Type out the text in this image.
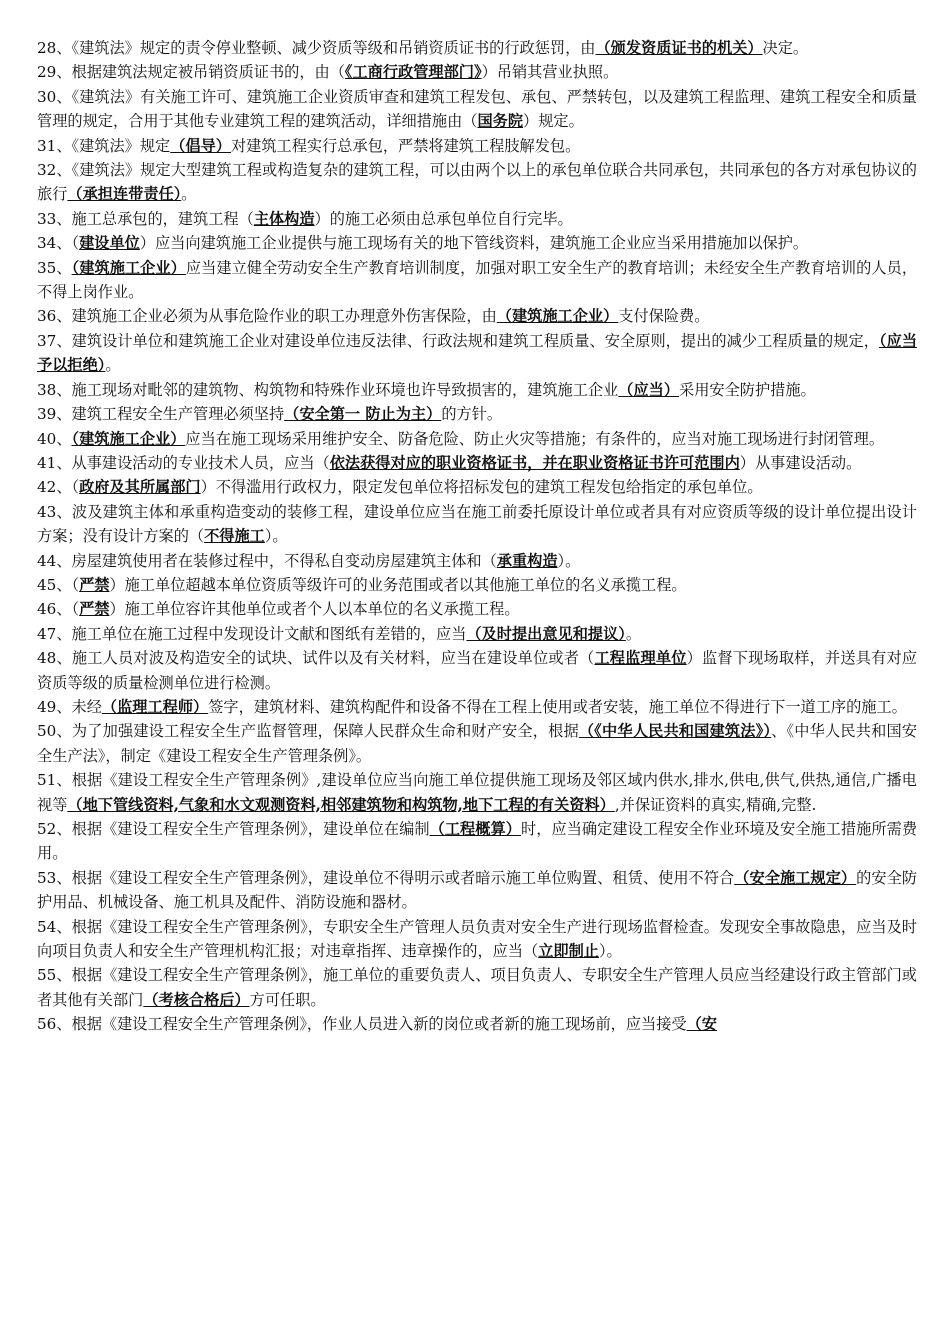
28、《建筑法》规定的责令停业整顿、减少资质等级和吊销资质证书的行政惩罚，由（颁发资质证书的机关）决定。

29、根据建筑法规定被吊销资质证书的，由（《工商行政管理部门》）吊销其营业执照。

30、《建筑法》有关施工许可、建筑施工企业资质审查和建筑工程发包、承包、严禁转包，以及建筑工程监理、建筑工程安全和质量管理的规定，合用于其他专业建筑工程的建筑活动，详细措施由（国务院）规定。

31、《建筑法》规定（倡导）对建筑工程实行总承包，严禁将建筑工程肢解发包。

32、《建筑法》规定大型建筑工程或构造复杂的建筑工程，可以由两个以上的承包单位联合共同承包，共同承包的各方对承包协议的旅行（承担连带责任）。

33、施工总承包的，建筑工程（主体构造）的施工必须由总承包单位自行完毕。

34、（建设单位）应当向建筑施工企业提供与施工现场有关的地下管线资料，建筑施工企业应当采用措施加以保护。

35、（建筑施工企业）应当建立健全劳动安全生产教育培训制度，加强对职工安全生产的教育培训；未经安全生产教育培训的人员，不得上岗作业。

36、建筑施工企业必须为从事危险作业的职工办理意外伤害保险，由（建筑施工企业）支付保险费。

37、建筑设计单位和建筑施工企业对建设单位违反法律、行政法规和建筑工程质量、安全原则，提出的减少工程质量的规定，（应当予以拒绝）。

38、施工现场对毗邻的建筑物、构筑物和特殊作业环境也许导致损害的，建筑施工企业（应当）采用安全防护措施。

39、建筑工程安全生产管理必须坚持（安全第一 防止为主）的方针。

40、（建筑施工企业）应当在施工现场采用维护安全、防备危险、防止火灾等措施；有条件的，应当对施工现场进行封闭管理。

41、从事建设活动的专业技术人员，应当（依法获得对应的职业资格证书，并在职业资格证书许可范围内）从事建设活动。

42、（政府及其所属部门）不得滥用行政权力，限定发包单位将招标发包的建筑工程发包给指定的承包单位。

43、波及建筑主体和承重构造变动的装修工程，建设单位应当在施工前委托原设计单位或者具有对应资质等级的设计单位提出设计方案；没有设计方案的（不得施工）。

44、房屋建筑使用者在装修过程中，不得私自变动房屋建筑主体和（承重构造）。

45、（严禁）施工单位超越本单位资质等级许可的业务范围或者以其他施工单位的名义承揽工程。

46、（严禁）施工单位容许其他单位或者个人以本单位的名义承揽工程。

47、施工单位在施工过程中发现设计文献和图纸有差错的，应当（及时提出意见和提议）。

48、施工人员对波及构造安全的试块、试件以及有关材料，应当在建设单位或者（工程监理单位）监督下现场取样，并送具有对应资质等级的质量检测单位进行检测。

49、未经（监理工程师）签字，建筑材料、建筑构配件和设备不得在工程上使用或者安装，施工单位不得进行下一道工序的施工。

50、为了加强建设工程安全生产监督管理，保障人民群众生命和财产安全，根据（《中华人民共和国建筑法》）、《中华人民共和国安全生产法》，制定《建设工程安全生产管理条例》。

51、根据《建设工程安全生产管理条例》,建设单位应当向施工单位提供施工现场及邻区域内供水,排水,供电,供气,供热,通信,广播电视等（地下管线资料,气象和水文观测资料,相邻建筑物和构筑物,地下工程的有关资料）,并保证资料的真实,精确,完整.

52、根据《建设工程安全生产管理条例》，建设单位在编制（工程概算）时，应当确定建设工程安全作业环境及安全施工措施所需费用。

53、根据《建设工程安全生产管理条例》，建设单位不得明示或者暗示施工单位购置、租赁、使用不符合（安全施工规定）的安全防护用品、机械设备、施工机具及配件、消防设施和器材。

54、根据《建设工程安全生产管理条例》，专职安全生产管理人员负责对安全生产进行现场监督检查。发现安全事故隐患，应当及时向项目负责人和安全生产管理机构汇报；对违章指挥、违章操作的，应当（立即制止）。

55、根据《建设工程安全生产管理条例》，施工单位的重要负责人、项目负责人、专职安全生产管理人员应当经建设行政主管部门或者其他有关部门（考核合格后）方可任职。

56、根据《建设工程安全生产管理条例》，作业人员进入新的岗位或者新的施工现场前，应当接受（安
